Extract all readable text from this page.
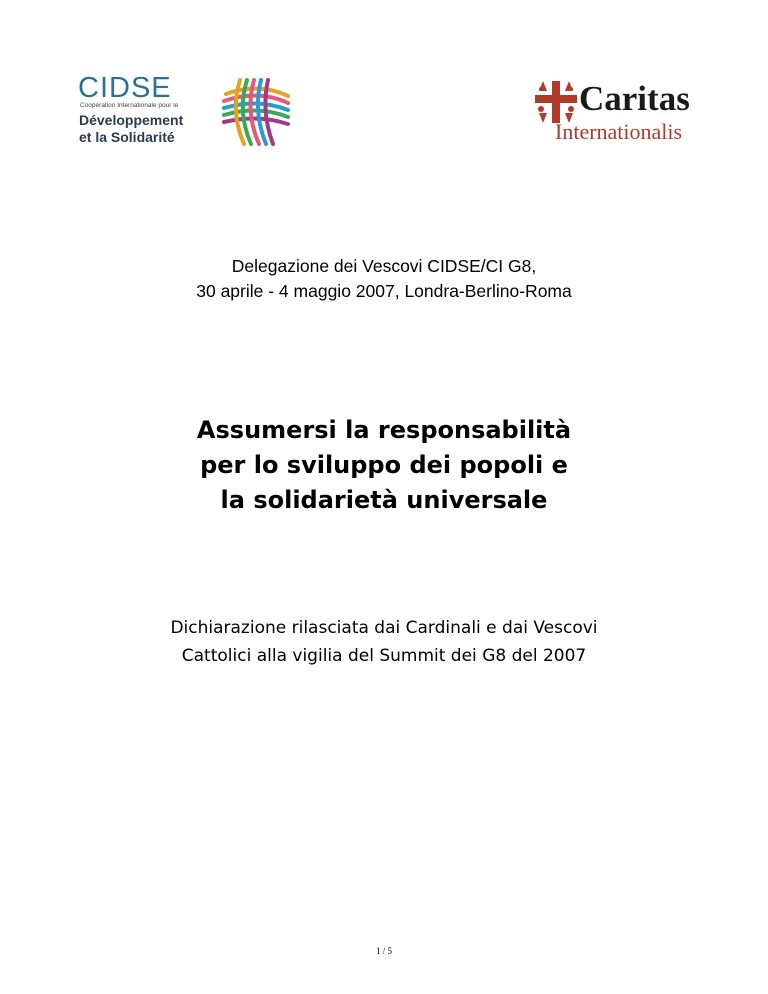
CIDSE
Coopération Internationale pour le
Développement
et la Solidarité
Caritas
Internationalis
Delegazione dei Vescovi CIDSE/CI G8,
30 aprile - 4 maggio 2007, Londra-Berlino-Roma
Assumersi la responsabilità
per lo sviluppo dei popoli e
la solidarietà universale
Dichiarazione rilasciata dai Cardinali e dai Vescovi
Cattolici alla vigilia del Summit dei G8 del 2007
1 / 5
